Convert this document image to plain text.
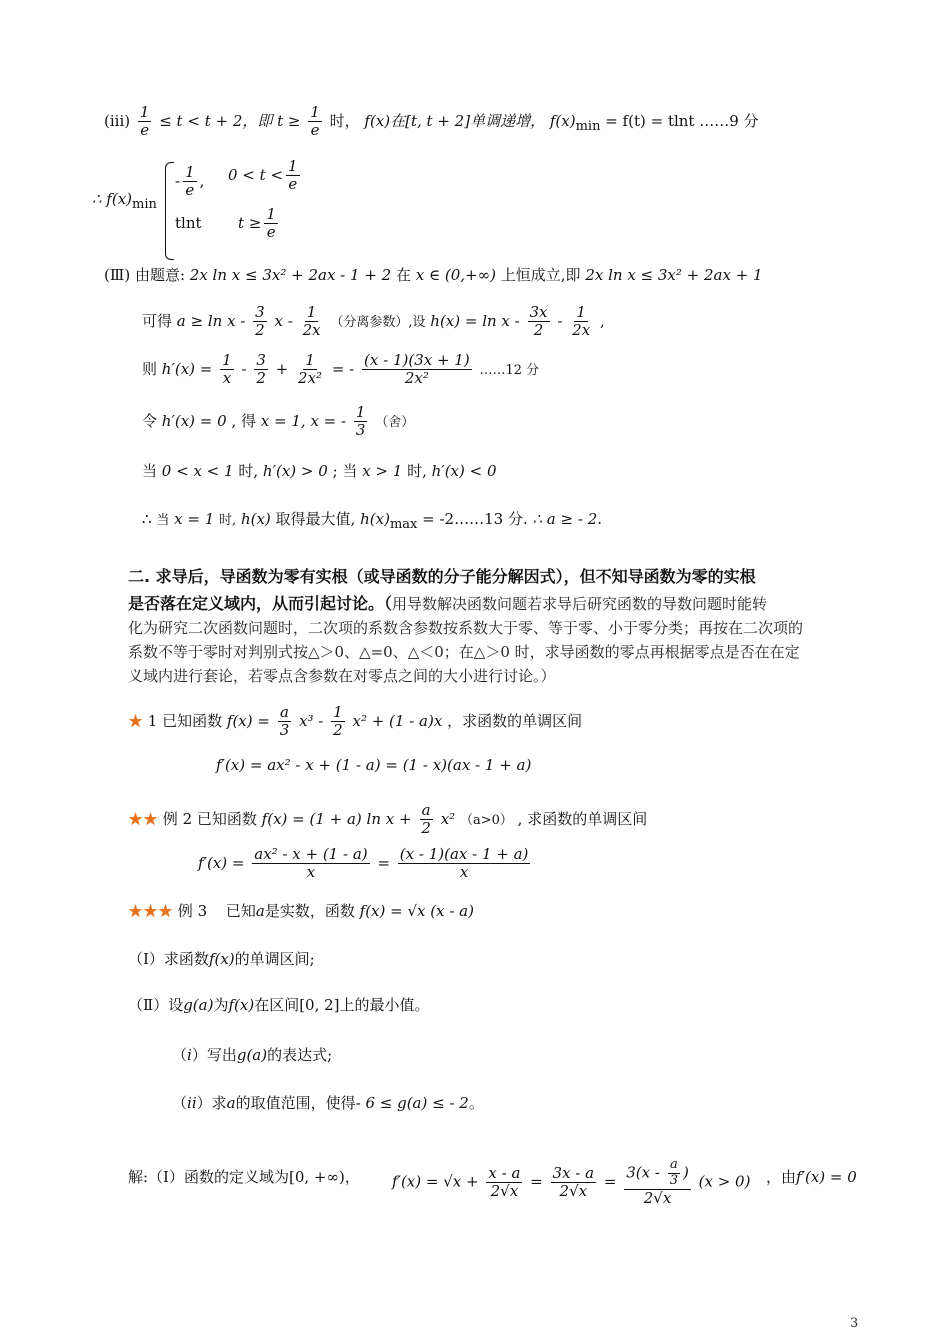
$(iii) \frac{1}{e} \le t < t + 2$，即 $t \ge \frac{1}{e}$ 时， f(x)在[t, t + 2]单调递增， $f(x)_{min} = f(t) = tlnt$ ……9 分
∴ $f(x)_{min}$
- $\frac{1}{e}$ , $0 < t < \frac{1}{e}$
tlnt $t \ge \frac{1}{e}$
(Ⅲ) 由题意: 2x ln x ≤ 3x² + 2ax - 1 + 2 在 x ∈ (0,+∞) 上恒成立,即 2x ln x ≤ 3x² + 2ax + 1
可得 $a \ge \ln x - \frac{3}{2}$ x - $\frac{1}{2x}$ （分离参数）,设 $h(x) = \ln x - \frac{3x}{2} - \frac{1}{2x}$ ,
则 $h'(x) = \frac{1}{x} - \frac{3}{2} + \frac{1}{\text{2x²}}$ = - $\frac{(x - 1)(3x + 1)}{\text{2x²}}$ ……12 分
令 h′(x) = 0 , 得 x = 1, x = - $\frac{1}{3}$ （舍）
当 0 < x < 1 时, h′(x) > 0 ; 当 x > 1 时, h′(x) < 0
∴ 当 x = 1 时, h(x) 取得最大值, $h(x)_{max}$ = -2……13 分. ∴ a ≥ - 2.
二. 求导后，导函数为零有实根（或导函数的分子能分解因式），但不知导函数为零的实根
是否落在定义域内，从而引起讨论。（用导数解决函数问题若求导后研究函数的导数问题时能转
化为研究二次函数问题时，二次项的系数含参数按系数大于零、等于零、小于零分类；再按在二次项的
系数不等于零时对判别式按△＞0、△=0、△＜0；在△＞0 时，求导函数的零点再根据零点是否在在定
义域内进行套论，若零点含参数在对零点之间的大小进行讨论。）
★ 1 已知函数 $f(x) = \frac{a}{3} x^3 - \frac{1}{2} x^2 + (1 - a)x$ ，求函数的单调区间
f′(x) = ax² - x + (1 - a) = (1 - x)(ax - 1 + a)
★★ 例 2 已知函数 f(x) = (1 + a) $\ln x + \frac{a}{2} x^2$ （a>0） , 求函数的单调区间
$f'(x) = \frac{\text{ax² - x + (1 - a)}}{x} = \frac{(x - 1)(ax - 1 + a)}{x}$
★★★ 例 3 已知a是实数，函数 f(x) = √x (x - a)
（Ⅰ）求函数f(x)的单调区间;
（Ⅱ）设g(a)为f(x)在区间[0, 2]上的最小值。
（i）写出g(a)的表达式;
（ii）求a的取值范围，使得- 6 ≤ g(a) ≤ - 2。
解:（Ⅰ）函数的定义域为[0, +∞)， $f'(x) = √x + \frac{x - a}{2√x} = \frac{3x - a}{2√x} = \frac{3(x - \frac{a}{3} )}{2√x} (x > 0)$ ，由f′(x) = 0
3
